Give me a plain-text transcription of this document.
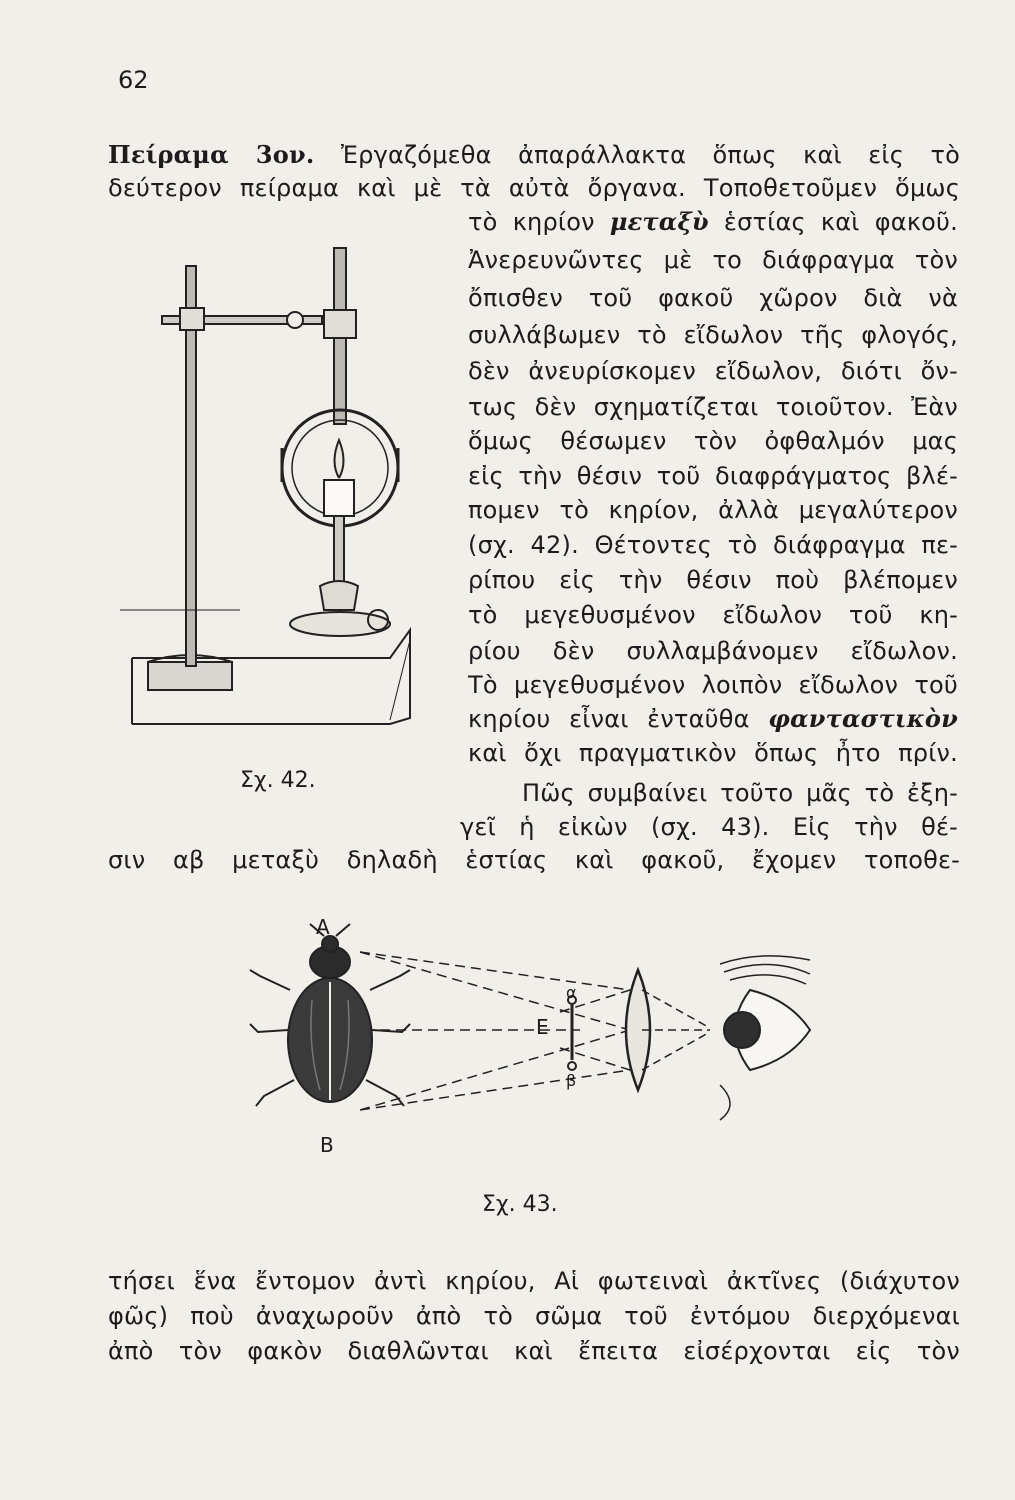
62
Πείραμα 3ον. Ἐργαζόμεθα ἀπαράλλακτα ὅπως καὶ εἰς τὸ
δεύτερον πείραμα καὶ μὲ τὰ αὐτὰ ὄργανα. Τοποθετοῦμεν ὅμως
τὸ κηρίον μεταξὺ ἑστίας καὶ φακοῦ.
Ἀνερευνῶντες μὲ το διάφραγμα τὸν
ὄπισθεν τοῦ φακοῦ χῶρον διὰ νὰ
συλλάβωμεν τὸ εἴδωλον τῆς φλογός,
δὲν ἀνευρίσκομεν εἴδωλον, διότι ὄν-
τως δὲν σχηματίζεται τοιοῦτον. Ἐὰν
ὅμως θέσωμεν τὸν ὀφθαλμόν μας
εἰς τὴν θέσιν τοῦ διαφράγματος βλέ-
πομεν τὸ κηρίον, ἀλλὰ μεγαλύτερον
(σχ. 42). Θέτοντες τὸ διάφραγμα πε-
ρίπου εἰς τὴν θέσιν ποὺ βλέπομεν
τὸ μεγεθυσμένον εἴδωλον τοῦ κη-
ρίου δὲν συλλαμβάνομεν εἴδωλον.
Τὸ μεγεθυσμένον λοιπὸν εἴδωλον τοῦ
κηρίου εἶναι ἐνταῦθα φανταστικὸν
καὶ ὄχι πραγματικὸν ὅπως ἦτο πρίν.
Πῶς συμβαίνει τοῦτο μᾶς τὸ ἐξη-
γεῖ ἡ εἰκὼν (σχ. 43). Εἰς τὴν θέ-
σιν αβ μεταξὺ δηλαδὴ ἑστίας καὶ φακοῦ, ἔχομεν τοποθε-
Σχ. 42.
Α
Β
Ε
α
β
Σχ. 43.
τήσει ἕνα ἔντομον ἀντὶ κηρίου, Αἱ φωτειναὶ ἀκτῖνες (διάχυτον
φῶς) ποὺ ἀναχωροῦν ἀπὸ τὸ σῶμα τοῦ ἐντόμου διερχόμεναι
ἀπὸ τὸν φακὸν διαθλῶνται καὶ ἔπειτα εἰσέρχονται εἰς τὸν
